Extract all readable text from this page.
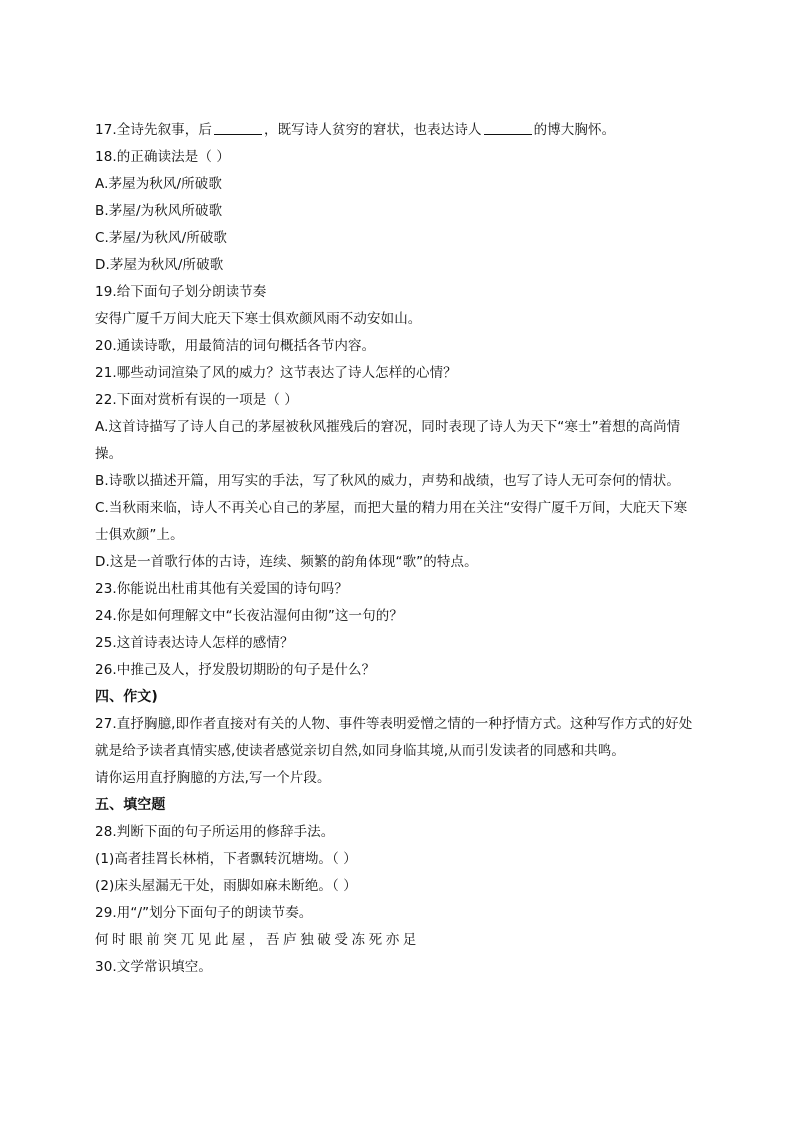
17.全诗先叙事，后	，既写诗人贫穷的窘状，也表达诗人	的博大胸怀。
18.的正确读法是（ ）
A.茅屋为秋风/所破歌
B.茅屋/为秋风所破歌
C.茅屋/为秋风/所破歌
D.茅屋为秋风/所破歌
19.给下面句子划分朗读节奏
安得广厦千万间大庇天下寒士俱欢颜风雨不动安如山。
20.通读诗歌，用最简洁的词句概括各节内容。
21.哪些动词渲染了风的威力？这节表达了诗人怎样的心情？
22.下面对赏析有误的一项是（ ）
A.这首诗描写了诗人自己的茅屋被秋风摧残后的窘况，同时表现了诗人为天下“寒士”着想的高尚情操。
B.诗歌以描述开篇，用写实的手法，写了秋风的威力，声势和战绩，也写了诗人无可奈何的情状。
C.当秋雨来临，诗人不再关心自己的茅屋，而把大量的精力用在关注“安得广厦千万间，大庇天下寒士俱欢颜”上。
D.这是一首歌行体的古诗，连续、频繁的韵角体现“歌”的特点。
23.你能说出杜甫其他有关爱国的诗句吗？
24.你是如何理解文中“长夜沾湿何由彻”这一句的？
25.这首诗表达诗人怎样的感情？
26.中推己及人，抒发殷切期盼的句子是什么？
四、作文)
27.直抒胸臆,即作者直接对有关的人物、事件等表明爱憎之情的一种抒情方式。这种写作方式的好处就是给予读者真情实感,使读者感觉亲切自然,如同身临其境,从而引发读者的同感和共鸣。
请你运用直抒胸臆的方法,写一个片段。
五、填空题
28.判断下面的句子所运用的修辞手法。
(1)高者挂罥长林梢，下者飘转沉塘坳。（ ）
(2)床头屋漏无干处，雨脚如麻未断绝。（ ）
29.用“/”划分下面句子的朗读节奏。
何时眼前突兀见此屋，吾庐独破受冻死亦足
30.文学常识填空。
